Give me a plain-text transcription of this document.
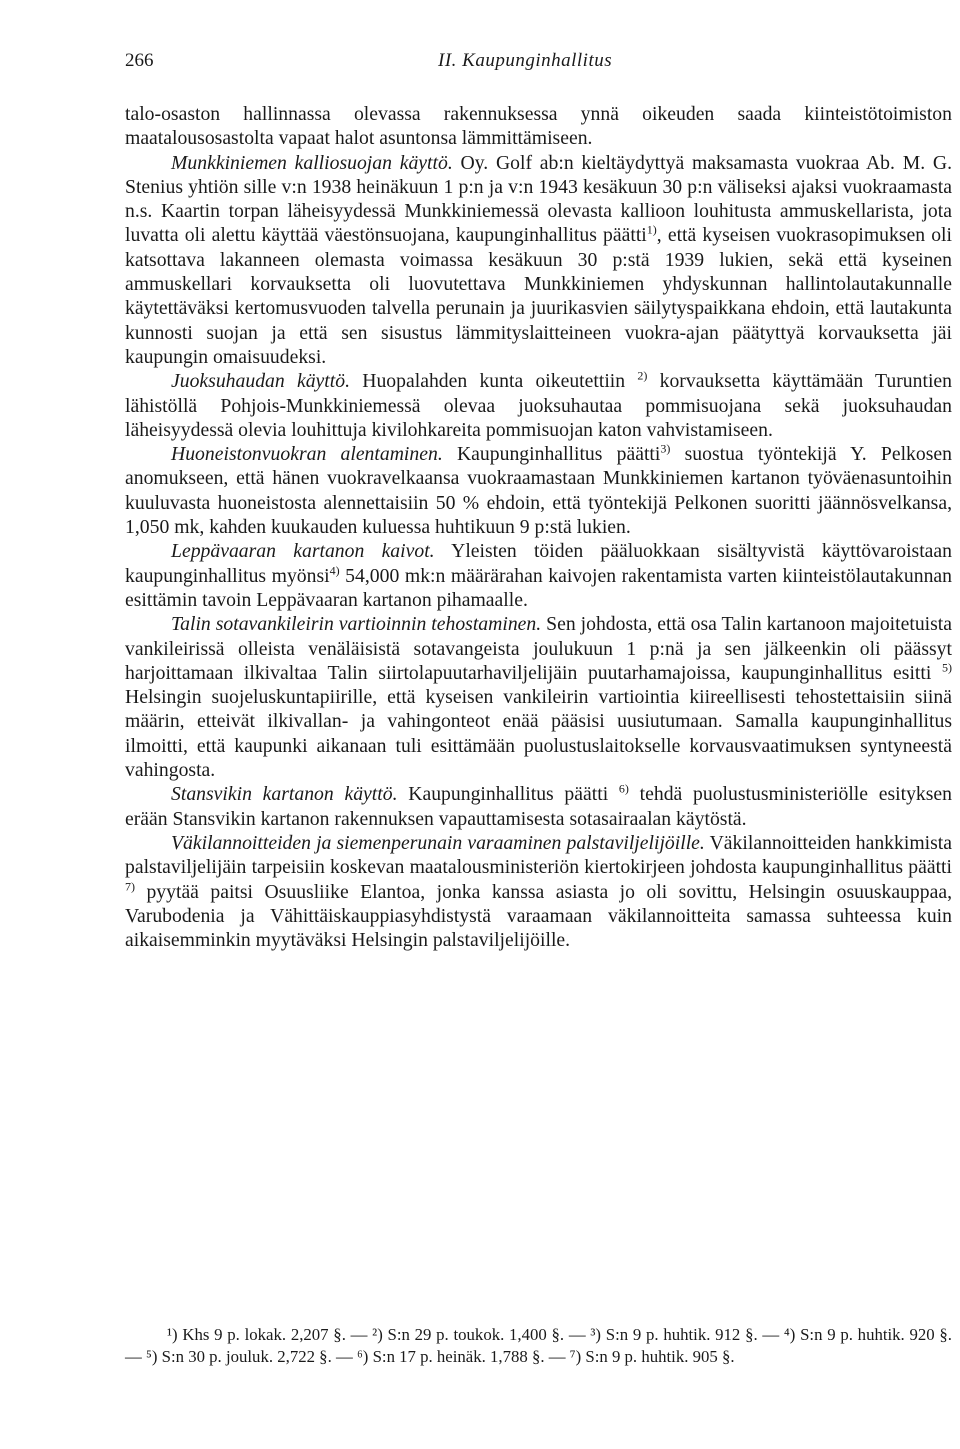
266	II. Kaupunginhallitus

talo-osaston hallinnassa olevassa rakennuksessa ynnä oikeuden saada kiinteistötoimiston maatalousosastolta vapaat halot asuntonsa lämmittämiseen.

Munkkiniemen kalliosuojan käyttö. Oy. Golf ab:n kieltäydyttyä maksamasta vuokraa Ab. M. G. Stenius yhtiön sille v:n 1938 heinäkuun 1 p:n ja v:n 1943 kesäkuun 30 p:n väliseksi ajaksi vuokraamasta n.s. Kaartin torpan läheisyydessä Munkkiniemessä olevasta kallioon louhitusta ammuskellarista, jota luvatta oli alettu käyttää väestönsuojana, kaupunginhallitus päätti$^{1)}$, että kyseisen vuokrasopimuksen oli katsottava lakanneen olemasta voimassa kesäkuun 30 p:stä 1939 lukien, sekä että kyseinen ammuskellari korvauksetta oli luovutettava Munkkiniemen yhdyskunnan hallintolautakunnalle käytettäväksi kertomusvuoden talvella perunain ja juurikasvien säilytyspaikkana ehdoin, että lautakunta kunnosti suojan ja että sen sisustus lämmityslaitteineen vuokra-ajan päätyttyä korvauksetta jäi kaupungin omaisuudeksi.

Juoksuhaudan käyttö. Huopalahden kunta oikeutettiin $^{2)}$ korvauksetta käyttämään Turuntien lähistöllä Pohjois-Munkkiniemessä olevaa juoksuhautaa pommisuojana sekä juoksuhaudan läheisyydessä olevia louhittuja kivilohkareita pommisuojan katon vahvistamiseen.

Huoneistonvuokran alentaminen. Kaupunginhallitus päätti$^{3)}$ suostua työntekijä Y. Pelkosen anomukseen, että hänen vuokravelkaansa vuokraamastaan Munkkiniemen kartanon työväenasuntoihin kuuluvasta huoneistosta alennettaisiin 50 % ehdoin, että työntekijä Pelkonen suoritti jäännösvelkansa, 1,050 mk, kahden kuukauden kuluessa huhtikuun 9 p:stä lukien.

Leppävaaran kartanon kaivot. Yleisten töiden pääluokkaan sisältyvistä käyttövaroistaan kaupunginhallitus myönsi$^{4)}$ 54,000 mk:n määrärahan kaivojen rakentamista varten kiinteistölautakunnan esittämin tavoin Leppävaaran kartanon pihamaalle.

Talin sotavankileirin vartioinnin tehostaminen. Sen johdosta, että osa Talin kartanoon majoitetuista vankileirissä olleista venäläisistä sotavangeista joulukuun 1 p:nä ja sen jälkeenkin oli päässyt harjoittamaan ilkivaltaa Talin siirtolapuutarhaviljelijäin puutarhamajoissa, kaupunginhallitus esitti $^{5)}$ Helsingin suojeluskuntapiirille, että kyseisen vankileirin vartiointia kiireellisesti tehostettaisiin siinä määrin, etteivät ilkivallan- ja vahingonteot enää pääsisi uusiutumaan. Samalla kaupunginhallitus ilmoitti, että kaupunki aikanaan tuli esittämään puolustuslaitokselle korvausvaatimuksen syntyneestä vahingosta.

Stansvikin kartanon käyttö. Kaupunginhallitus päätti $^{6)}$ tehdä puolustusministeriölle esityksen erään Stansvikin kartanon rakennuksen vapauttamisesta sotasairaalan käytöstä.

Väkilannoitteiden ja siemenperunain varaaminen palstaviljelijöille. Väkilannoitteiden hankkimista palstaviljelijäin tarpeisiin koskevan maatalousministeriön kiertokirjeen johdosta kaupunginhallitus päätti $^{7)}$ pyytää paitsi Osuusliike Elantoa, jonka kanssa asiasta jo oli sovittu, Helsingin osuuskauppaa, Varubodenia ja Vähittäiskauppiasyhdistystä varaamaan väkilannoitteita samassa suhteessa kuin aikaisemminkin myytäväksi Helsingin palstaviljelijöille.

¹) Khs 9 p. lokak. 2,207 §. — ²) S:n 29 p. toukok. 1,400 §. — ³) S:n 9 p. huhtik. 912 §. — ⁴) S:n 9 p. huhtik. 920 §. — ⁵) S:n 30 p. jouluk. 2,722 §. — ⁶) S:n 17 p. heinäk. 1,788 §. — ⁷) S:n 9 p. huhtik. 905 §.
